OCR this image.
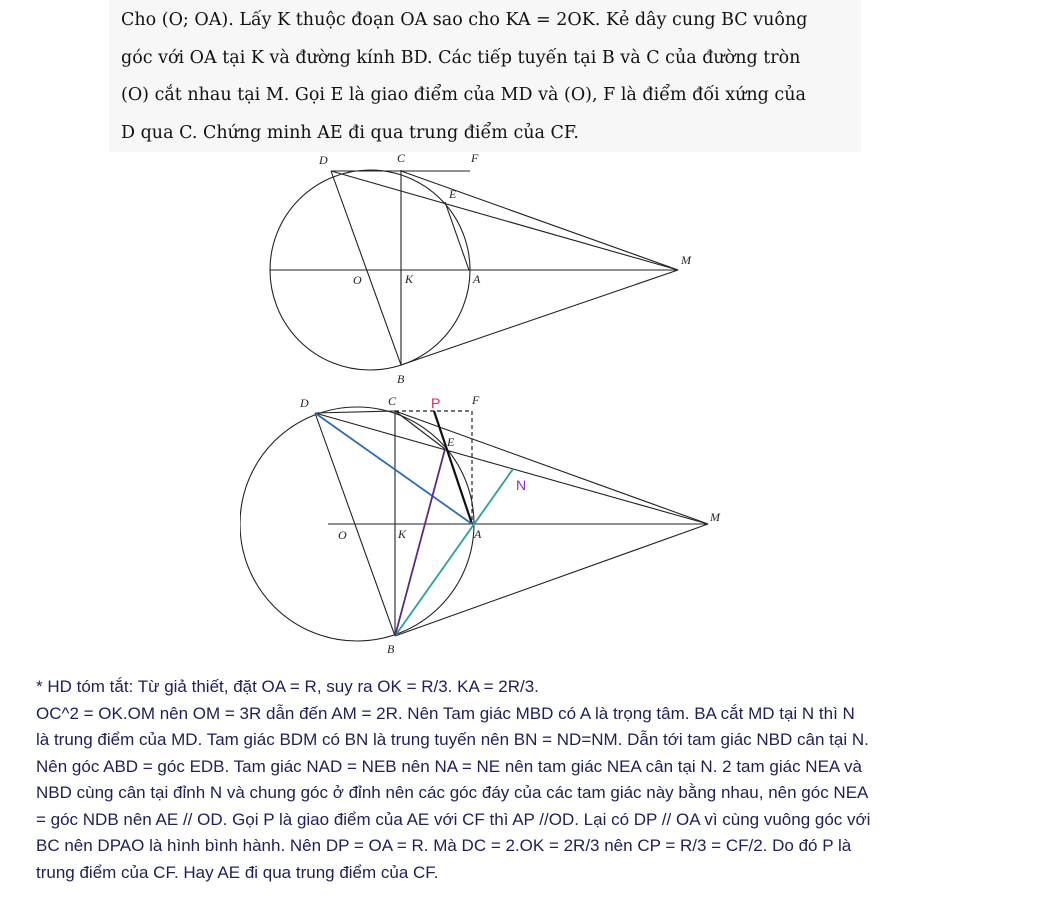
Cho (O; OA). Lấy K thuộc đoạn OA sao cho KA = 2OK. Kẻ dây cung BC vuông
góc với OA tại K và đường kính BD. Các tiếp tuyến tại B và C của đường tròn
(O) cắt nhau tại M. Gọi E là giao điểm của MD và (O), F là điểm đối xứng của
D qua C. Chứng minh AE đi qua trung điểm của CF.
D	C	F
E
M
O	K	A
B
D	C P	F
E
N
M
O	K	A
B
* HD tóm tắt: Từ giả thiết, đặt OA = R, suy ra OK = R/3. KA = 2R/3.
OC^2 = OK.OM nên OM = 3R dẫn đến AM = 2R. Nên Tam giác MBD có A là trọng tâm. BA cắt MD tại N thì N
là trung điểm của MD. Tam giác BDM có BN là trung tuyến nên BN = ND=NM. Dẫn tới tam giác NBD cân tại N.
Nên góc ABD = góc EDB. Tam giác NAD = NEB nên NA = NE nên tam giác NEA cân tại N. 2 tam giác NEA và
NBD cùng cân tại đỉnh N và chung góc ở đỉnh nên các góc đáy của các tam giác này bằng nhau, nên góc NEA
= góc NDB nên AE // OD. Gọi P là giao điểm của AE với CF thì AP //OD. Lại có DP // OA vì cùng vuông góc với
BC nên DPAO là hình bình hành. Nên DP = OA = R. Mà DC = 2.OK = 2R/3 nên CP = R/3 = CF/2. Do đó P là
trung điểm của CF. Hay AE đi qua trung điểm của CF.
